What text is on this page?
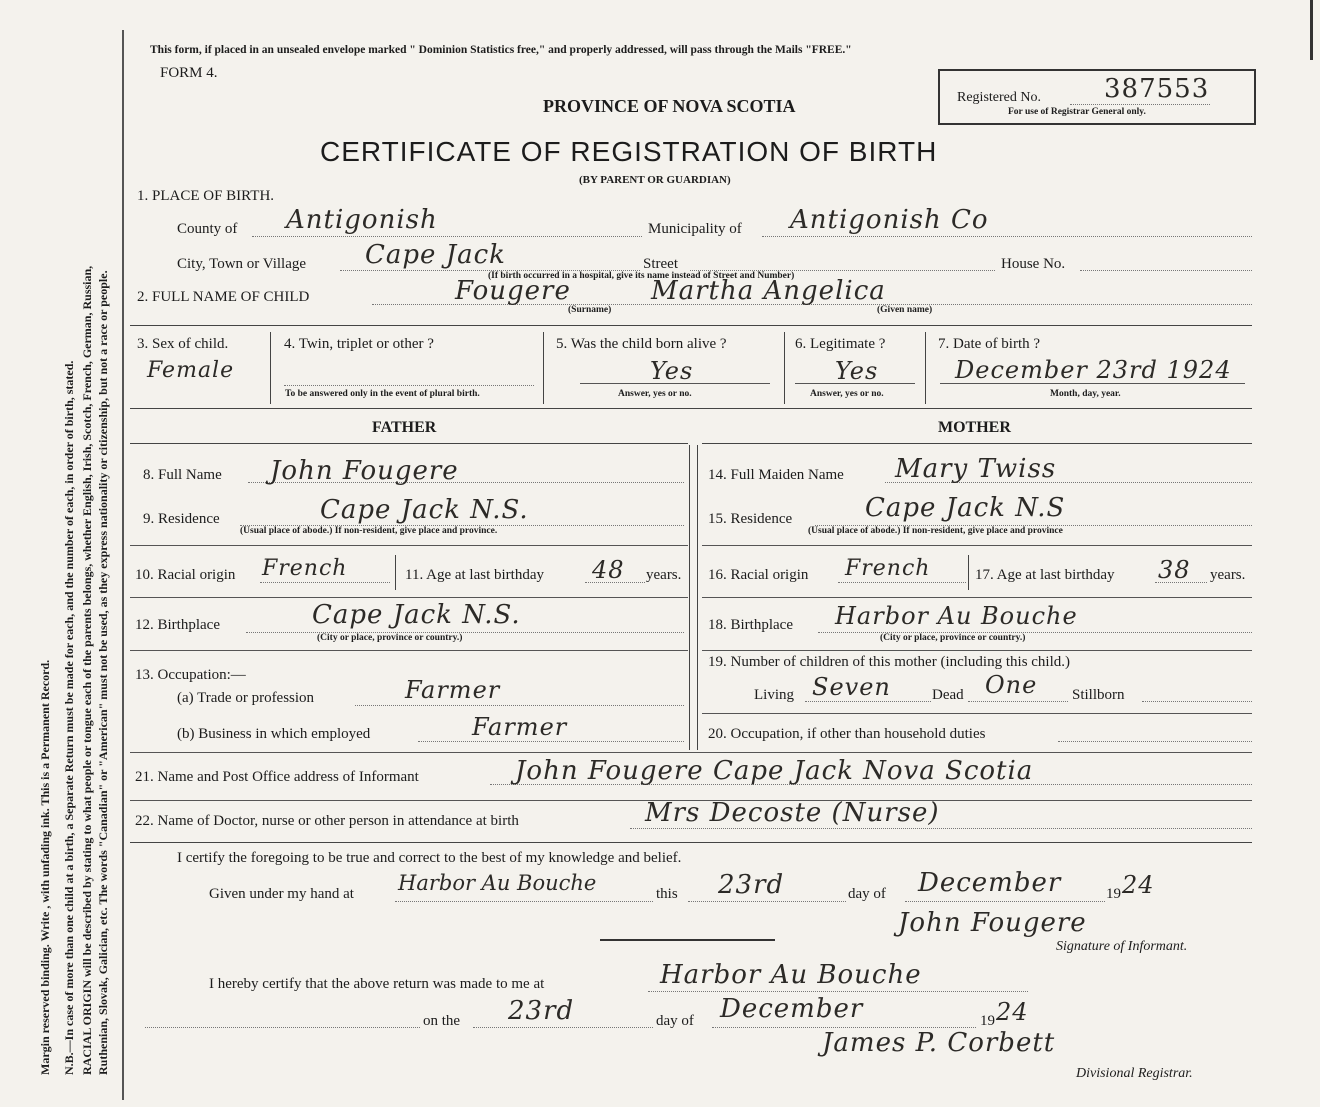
Margin reserved binding. Write , with unfading ink. This is a Permanent Record. N.B.—In case of more than one child at a birth, a Separate Return must be made for each, and the number of each, in order of birth, stated. RACIAL ORIGIN will be described by stating to what people or tongue each of the parents belongs, whether English, Irish, Scotch, French, German, Russian, Ruthenian, Slovak, Galician, etc. The words "Canadian" or "American" must not be used, as they express nationality or citizenship, but not a race or people.
This form, if placed in an unsealed envelope marked " Dominion Statistics free," and properly addressed, will pass through the Mails "FREE."
FORM 4.
PROVINCE OF NOVA SCOTIA	Registered No. 387553
For use of Registrar General only.
CERTIFICATE OF REGISTRATION OF BIRTH
(BY PARENT OR GUARDIAN)
1. PLACE OF BIRTH.
County of Antigonish	Municipality of Antigonish Co
City, Town or Village Cape Jack	Street	House No.
(If birth occurred in a hospital, give its name instead of Street and Number)
2. FULL NAME OF CHILD	Fougere	Martha Angelica
(Surname)	(Given name)
3. Sex of child.
Female
4. Twin, triplet or other ?
To be answered only in the event of plural birth.
5. Was the child born alive ?
Yes
Answer, yes or no.
6. Legitimate ?
Yes
Answer, yes or no.
7. Date of birth ?
December 23rd 1924
Month, day, year.
FATHER	MOTHER
8. Full Name John Fougere
9. Residence	Cape Jack N.S.
(Usual place of abode.) If non-resident, give place and province.
10. Racial origin French	11. Age at last birthday 48 years.
12. Birthplace	Cape Jack N.S.
(City or place, province or country.)
13. Occupation:—
(a) Trade or profession	Farmer
(b) Business in which employed	Farmer
14. Full Maiden Name Mary Twiss
15. Residence	Cape Jack N.S
(Usual place of abode.) If non-resident, give place and province
16. Racial origin French	17. Age at last birthday 38 years.
18. Birthplace Harbor Au Bouche
(City or place, province or country.)
19. Number of children of this mother (including this child.)
Living Seven	Dead One Stillborn
20. Occupation, if other than household duties
21. Name and Post Office address of Informant	John Fougere Cape Jack Nova Scotia
22. Name of Doctor, nurse or other person in attendance at birth	Mrs Decoste (Nurse)
I certify the foregoing to be true and correct to the best of my knowledge and belief.
Given under my hand at Harbor Au Bouche	this 23rd	day of December	19 24
John Fougere
Signature of Informant.
I hereby certify that the above return was made to me at	Harbor Au Bouche
on the 23rd	day of December	19 24
James P. Corbett
Divisional Registrar.
